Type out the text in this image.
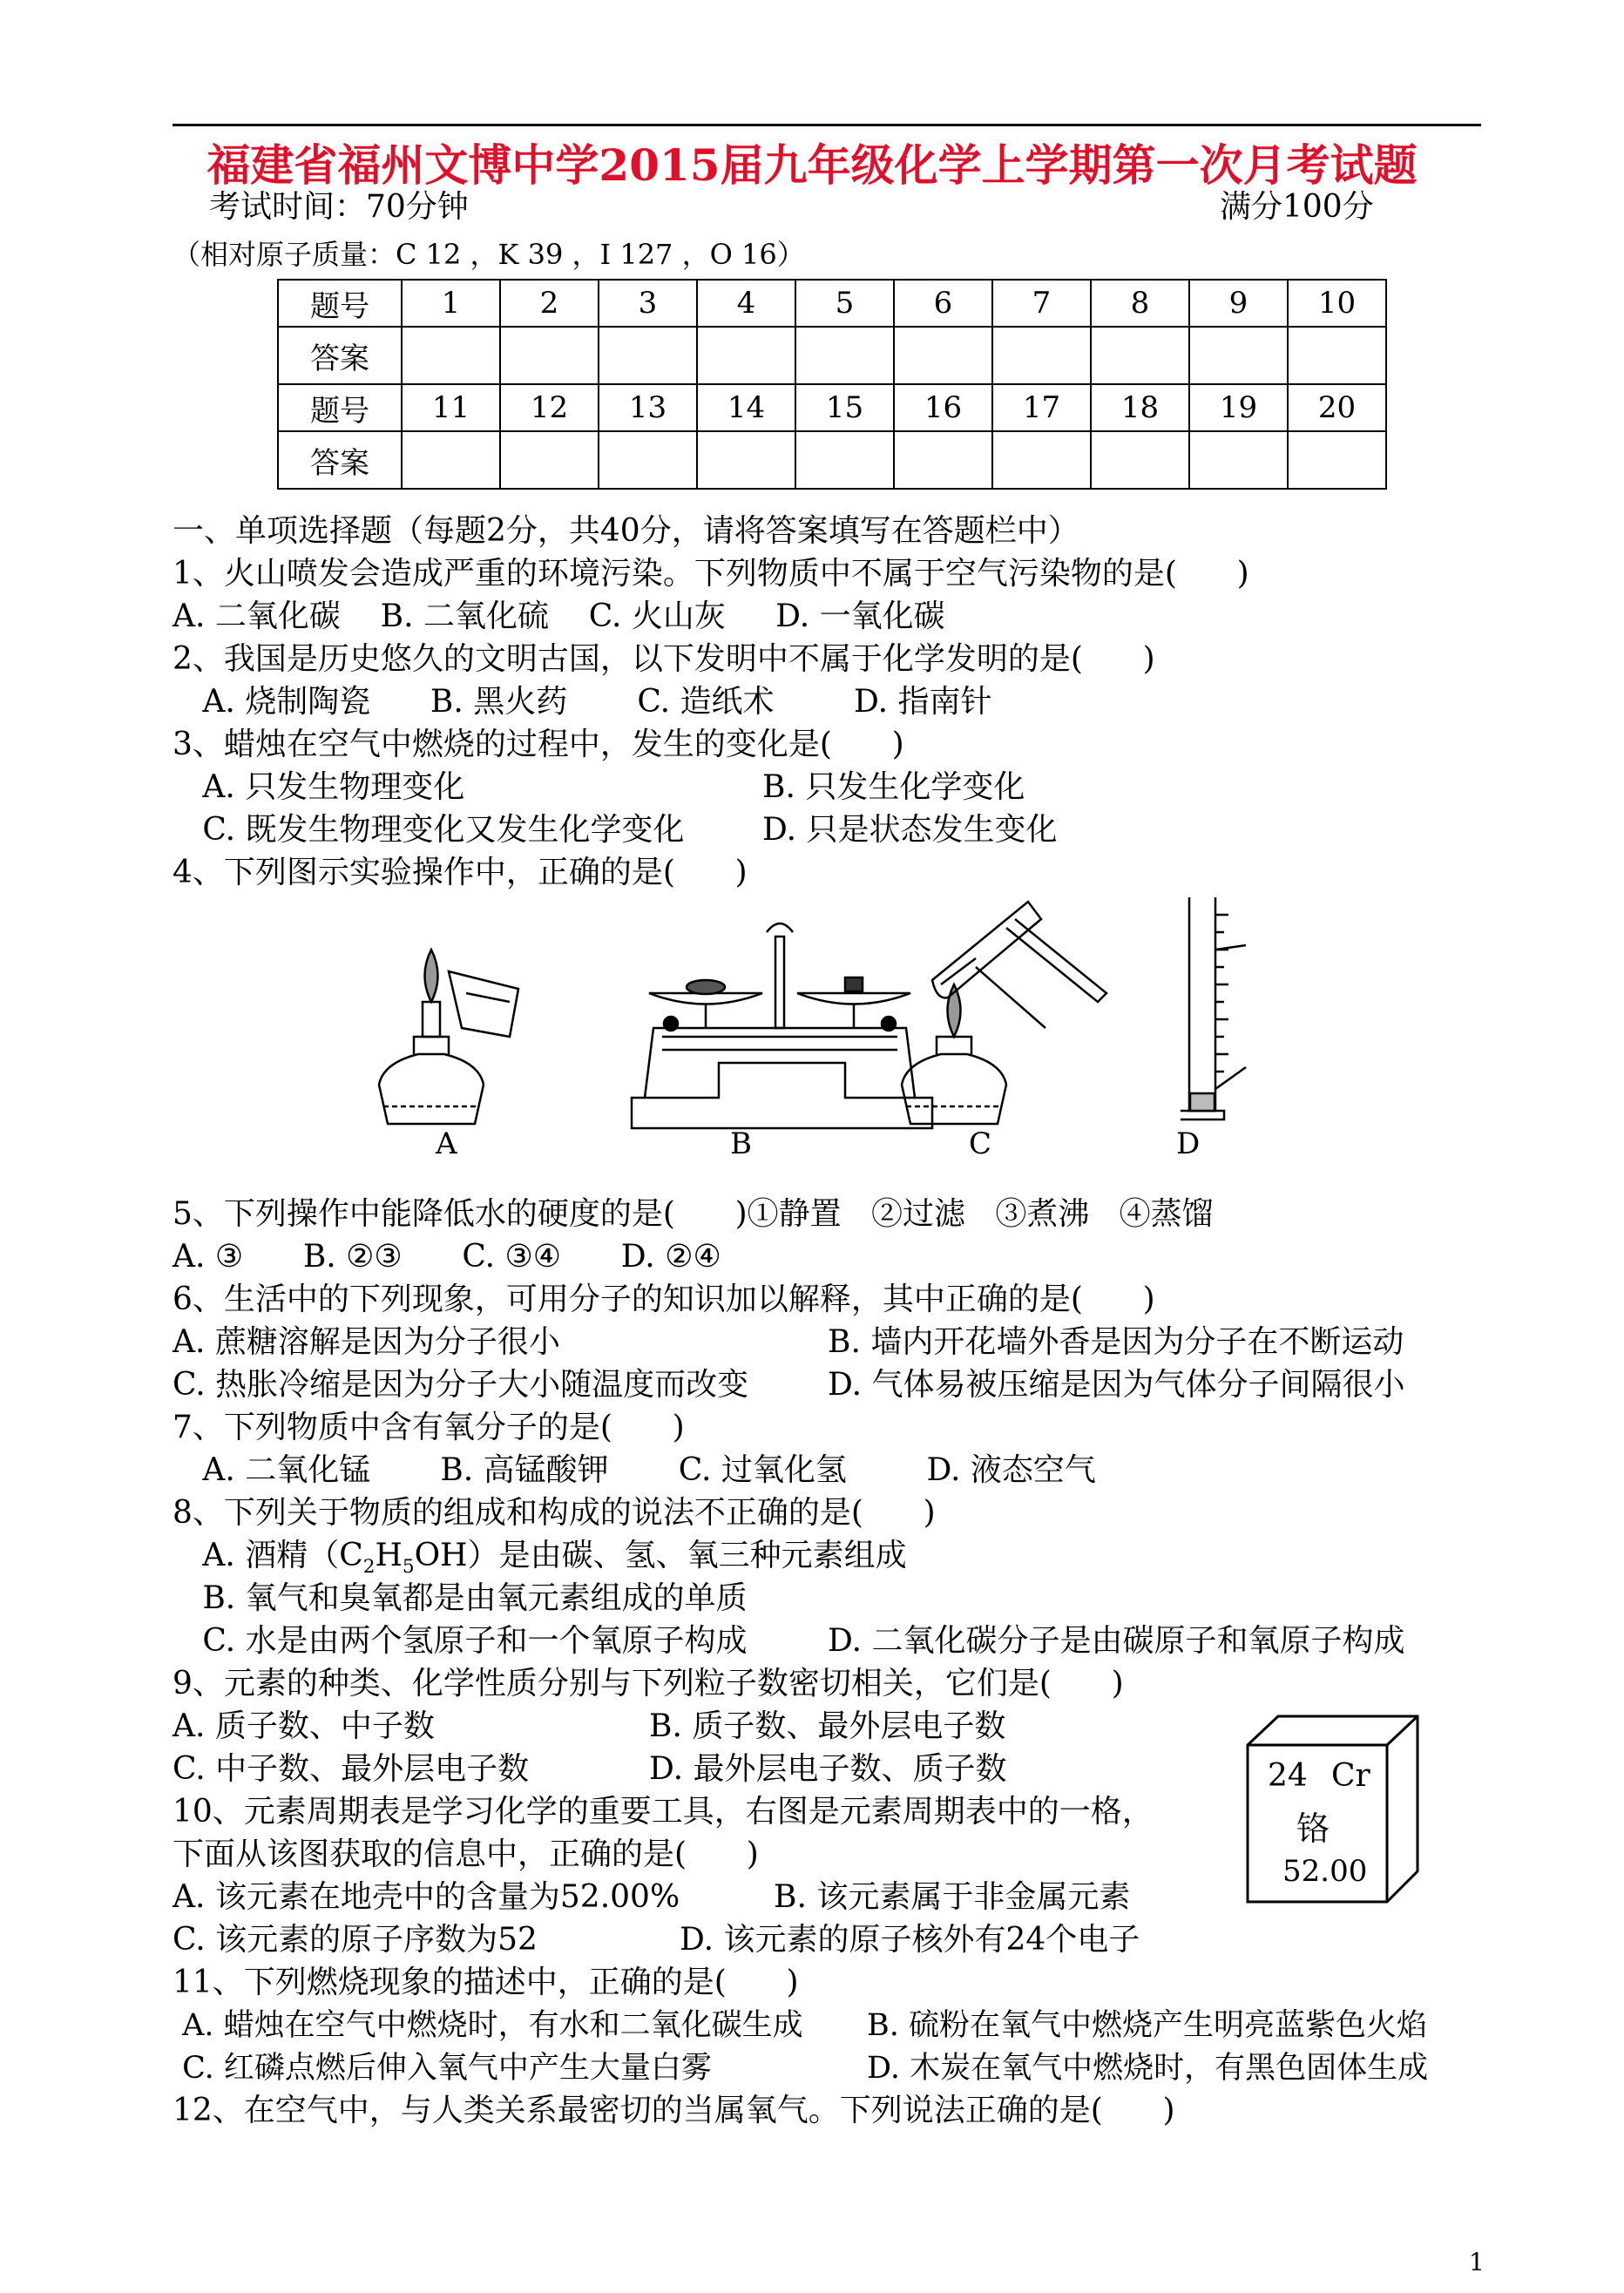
福建省福州文博中学2015届九年级化学上学期第一次月考试题
考试时间：70分钟	满分100分
（相对原子质量：C 12 ，K 39 ，I 127 ，O 16）
题号	1	2	3	4	5	6	7	8	9	10
答案										
题号	11	12	13	14	15	16	17	18	19	20
答案										
一、单项选择题（每题2分，共40分，请将答案填写在答题栏中）
1、火山喷发会造成严重的环境污染。下列物质中不属于空气污染物的是(      )
A. 二氧化碳    B. 二氧化硫    C. 火山灰     D. 一氧化碳
2、我国是历史悠久的文明古国，以下发明中不属于化学发明的是(      )
A. 烧制陶瓷      B. 黑火药       C. 造纸术        D. 指南针
3、蜡烛在空气中燃烧的过程中，发生的变化是(      )
A. 只发生物理变化	B. 只发生化学变化
C. 既发生物理变化又发生化学变化 D. 只是状态发生变化
4、下列图示实验操作中，正确的是(      )
A	B	C	D
5、下列操作中能降低水的硬度的是(      )①静置   ②过滤   ③煮沸   ④蒸馏
A. ③      B. ②③      C. ③④      D. ②④
6、生活中的下列现象，可用分子的知识加以解释，其中正确的是(      )
A. 蔗糖溶解是因为分子很小	B. 墙内开花墙外香是因为分子在不断运动
C. 热胀冷缩是因为分子大小随温度而改变	D. 气体易被压缩是因为气体分子间隔很小
7、下列物质中含有氧分子的是(      )
A. 二氧化锰       B. 高锰酸钾       C. 过氧化氢        D. 液态空气
8、下列关于物质的组成和构成的说法不正确的是(      )
A. 酒精$(C_2H_5OH)$是由碳、氢、氧三种元素组成
B. 氧气和臭氧都是由氧元素组成的单质
C. 水是由两个氢原子和一个氧原子构成	D. 二氧化碳分子是由碳原子和氧原子构成
9、元素的种类、化学性质分别与下列粒子数密切相关，它们是(      )
A. 质子数、中子数	B. 质子数、最外层电子数
C. 中子数、最外层电子数	D. 最外层电子数、质子数	24 Cr
铬
52.00
10、元素周期表是学习化学的重要工具，右图是元素周期表中的一格，
下面从该图获取的信息中，正确的是(      )
A. 该元素在地壳中的含量为52.00%	B. 该元素属于非金属元素
C. 该元素的原子序数为52	D. 该元素的原子核外有24个电子
11、下列燃烧现象的描述中，正确的是(      )
A. 蜡烛在空气中燃烧时，有水和二氧化碳生成 B. 硫粉在氧气中燃烧产生明亮蓝紫色火焰
C. 红磷点燃后伸入氧气中产生大量白雾	D. 木炭在氧气中燃烧时，有黑色固体生成
12、在空气中，与人类关系最密切的当属氧气。下列说法正确的是(      )
1
